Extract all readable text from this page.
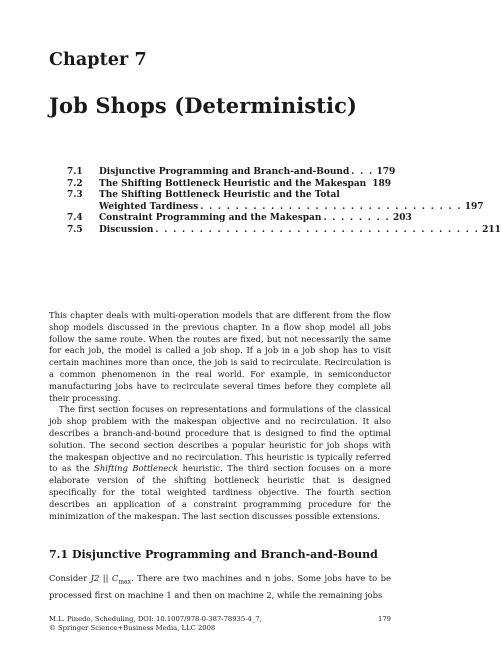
Chapter 7
Job Shops (Deterministic)
7.1	Disjunctive Programming and Branch-and-Bound . . . 179
7.2	The Shifting Bottleneck Heuristic and the Makespan 189
7.3	The Shifting Bottleneck Heuristic and the Total
Weighted Tardiness . . . . . . . . . . . . . . . . . . . . . . . . . . . . . . 197
7.4	Constraint Programming and the Makespan . . . . . . . . 203
7.5	Discussion . . . . . . . . . . . . . . . . . . . . . . . . . . . . . . . . . . . . . 211

This chapter deals with multi-operation models that are different from the flow shop models discussed in the previous chapter. In a flow shop model all jobs follow the same route. When the routes are fixed, but not necessarily the same for each job, the model is called a job shop. If a job in a job shop has to visit certain machines more than once, the job is said to recirculate. Recirculation is a common phenomenon in the real world. For example, in semiconductor manufacturing jobs have to recirculate several times before they complete all their processing.

The first section focuses on representations and formulations of the classical job shop problem with the makespan objective and no recirculation. It also describes a branch-and-bound procedure that is designed to find the optimal solution. The second section describes a popular heuristic for job shops with the makespan objective and no recirculation. This heuristic is typically referred to as the Shifting Bottleneck heuristic. The third section focuses on a more elaborate version of the shifting bottleneck heuristic that is designed specifically for the total weighted tardiness objective. The fourth section describes an application of a constraint programming procedure for the minimization of the makespan. The last section discusses possible extensions.

7.1 Disjunctive Programming and Branch-and-Bound

Consider J2 || $C_{max}$. There are two machines and n jobs. Some jobs have to be processed first on machine 1 and then on machine 2, while the remaining jobs

M.L. Pinedo, Scheduling, DOI: 10.1007/978-0-387-78935-4_7,
© Springer Science+Business Media, LLC 2008
179
